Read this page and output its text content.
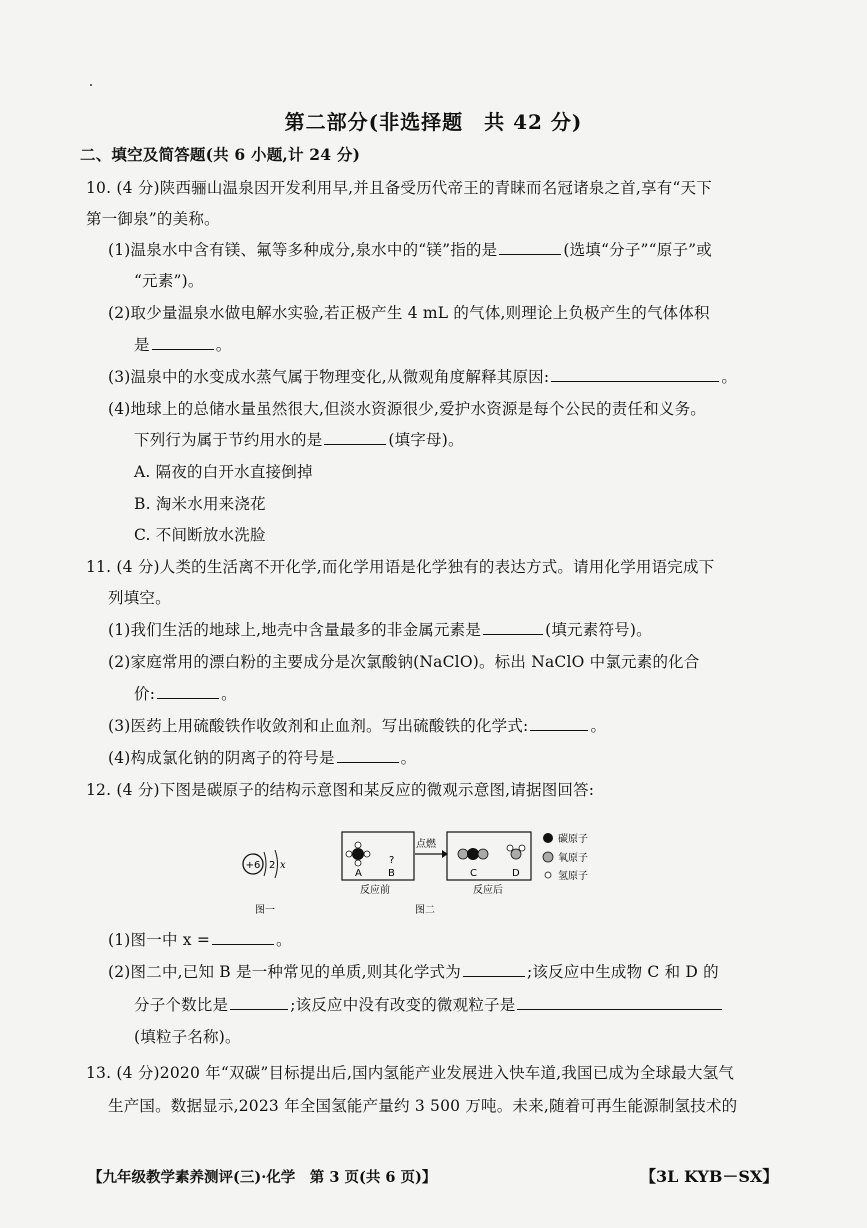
第二部分(非选择题　共 42 分)
二、填空及简答题(共 6 小题,计 24 分)
10. (4 分)陕西骊山温泉因开发利用早,并且备受历代帝王的青睐而名冠诸泉之首,享有“天下
第一御泉”的美称。
(1)温泉水中含有镁、氟等多种成分,泉水中的“镁”指的是	(选填“分子”“原子”或
“元素”)。
(2)取少量温泉水做电解水实验,若正极产生 4 mL 的气体,则理论上负极产生的气体体积
是	。
(3)温泉中的水变成水蒸气属于物理变化,从微观角度解释其原因:	。
(4)地球上的总储水量虽然很大,但淡水资源很少,爱护水资源是每个公民的责任和义务。
下列行为属于节约用水的是	(填字母)。
A. 隔夜的白开水直接倒掉
B. 淘米水用来浇花
C. 不间断放水洗脸
11. (4 分)人类的生活离不开化学,而化学用语是化学独有的表达方式。请用化学用语完成下
列填空。
(1)我们生活的地球上,地壳中含量最多的非金属元素是	(填元素符号)。
(2)家庭常用的漂白粉的主要成分是次氯酸钠(NaClO)。标出 NaClO 中氯元素的化合
价:	。
(3)医药上用硫酸铁作收敛剂和止血剂。写出硫酸铁的化学式:	。
(4)构成氯化钠的阴离子的符号是	。
12. (4 分)下图是碳原子的结构示意图和某反应的微观示意图,请据图回答:
+6 2 x
图一
?
A	B
反应前
点燃
C	D
反应后
图二
碳原子
氧原子
氢原子
(1)图一中 x =	。
(2)图二中,已知 B 是一种常见的单质,则其化学式为	;该反应中生成物 C 和 D 的
分子个数比是	;该反应中没有改变的微观粒子是
(填粒子名称)。
13. (4 分)2020 年“双碳”目标提出后,国内氢能产业发展进入快车道,我国已成为全球最大氢气
生产国。数据显示,2023 年全国氢能产量约 3 500 万吨。未来,随着可再生能源制氢技术的
【九年级教学素养测评(三)·化学　第 3 页(共 6 页)】	【3L KYB－SX】
